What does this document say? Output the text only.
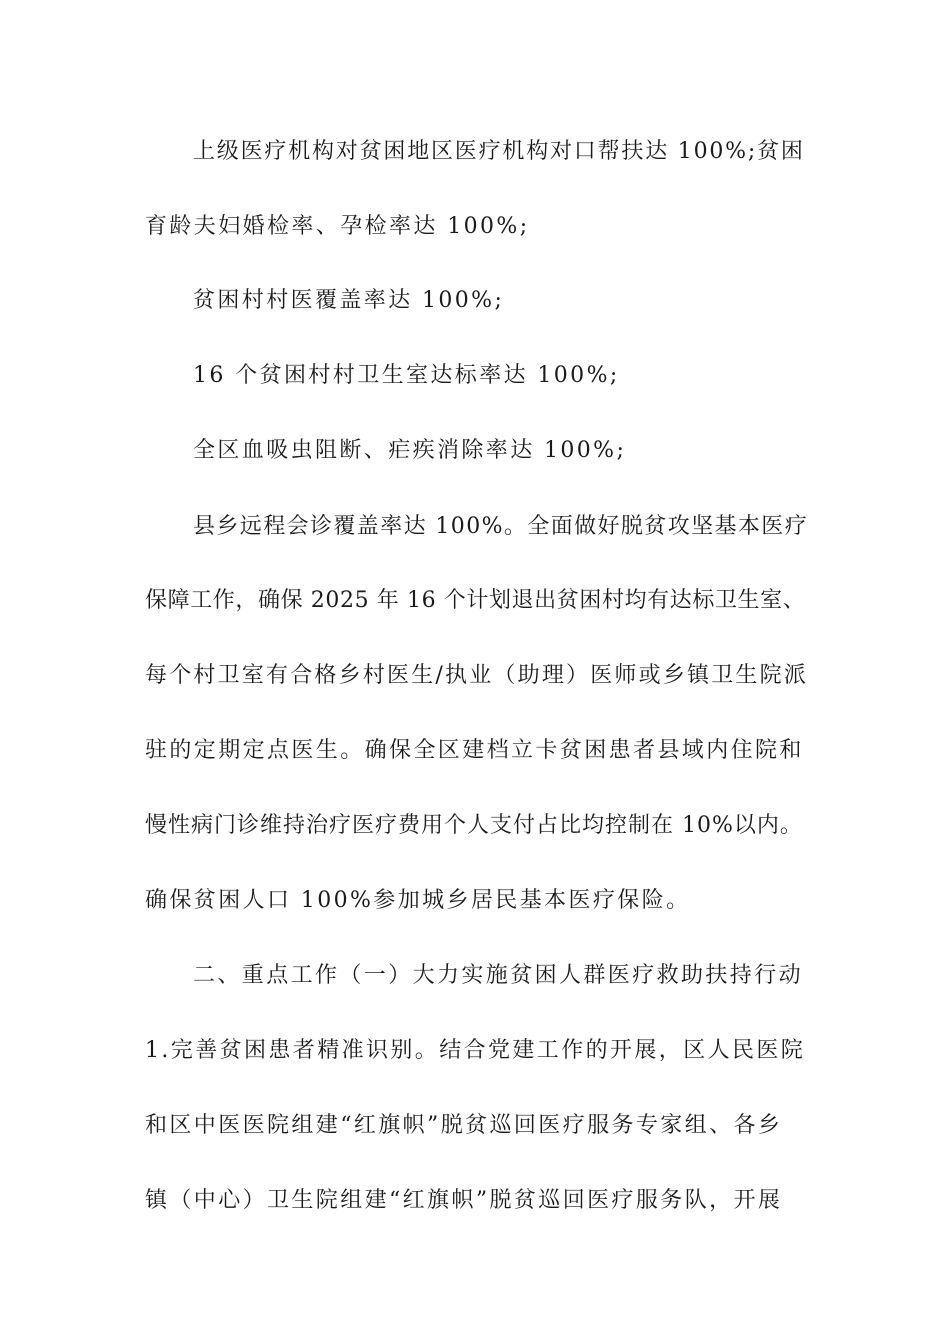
上级医疗机构对贫困地区医疗机构对口帮扶达 100%;贫困
育龄夫妇婚检率、孕检率达 100%;
贫困村村医覆盖率达 100%;
16 个贫困村村卫生室达标率达 100%;
全区血吸虫阻断、疟疾消除率达 100%;
县乡远程会诊覆盖率达 100%。全面做好脱贫攻坚基本医疗
保障工作，确保 2025 年 16 个计划退出贫困村均有达标卫生室、
每个村卫室有合格乡村医生/执业（助理）医师或乡镇卫生院派
驻的定期定点医生。确保全区建档立卡贫困患者县域内住院和
慢性病门诊维持治疗医疗费用个人支付占比均控制在 10%以内。
确保贫困人口 100%参加城乡居民基本医疗保险。
二、重点工作（一）大力实施贫困人群医疗救助扶持行动
1.完善贫困患者精准识别。结合党建工作的开展，区人民医院
和区中医医院组建“红旗帜”脱贫巡回医疗服务专家组、各乡
镇（中心）卫生院组建“红旗帜”脱贫巡回医疗服务队，开展
